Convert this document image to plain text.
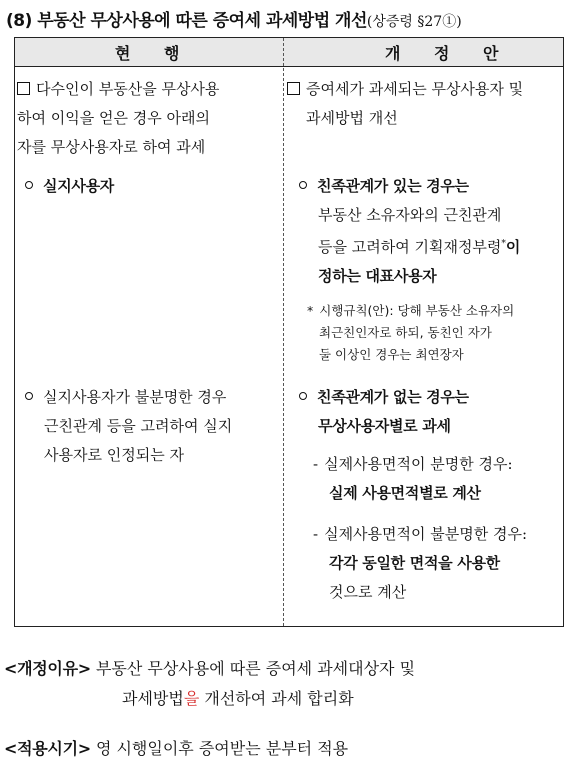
(8) 부동산 무상사용에 따른 증여세 과세방법 개선(상증령 §27①)
현 행	개 정 안
다수인이 부동산을 무상사용
하여 이익을 얻은 경우 아래의
자를 무상사용자로 하여 과세
실지사용자
실지사용자가 불분명한 경우
근친관계 등을 고려하여 실지
사용자로 인정되는 자
증여세가 과세되는 무상사용자 및
과세방법 개선
친족관계가 있는 경우는
부동산 소유자와의 근친관계
등을 고려하여 기획재정부령*이
정하는 대표사용자
* 시행규칙(안): 당해 부동산 소유자의
최근친인자로 하되, 동친인 자가
둘 이상인 경우는 최연장자
친족관계가 없는 경우는
무상사용자별로 과세
- 실제사용면적이 분명한 경우:
실제 사용면적별로 계산
- 실제사용면적이 불분명한 경우:
각각 동일한 면적을 사용한
것으로 계산
<개정이유> 부동산 무상사용에 따른 증여세 과세대상자 및
과세방법을 개선하여 과세 합리화
<적용시기> 영 시행일이후 증여받는 분부터 적용
